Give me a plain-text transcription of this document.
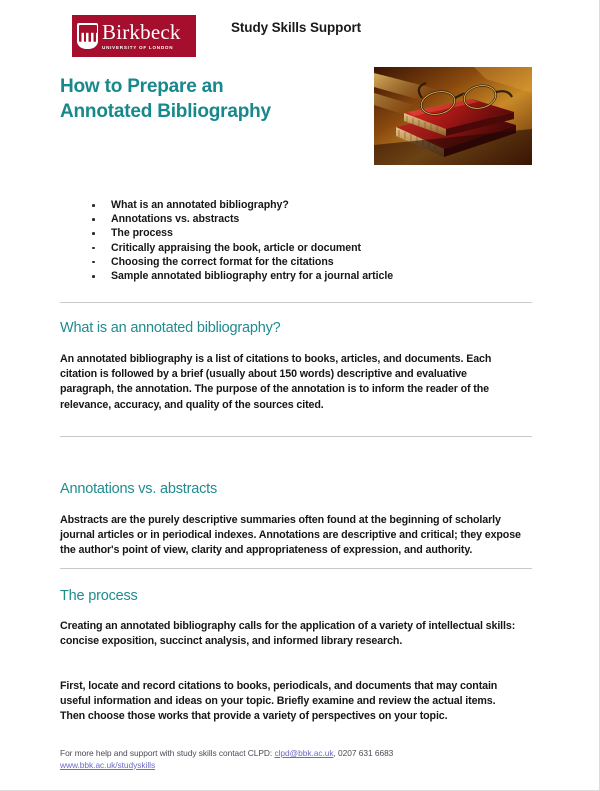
Birkbeck
UNIVERSITY OF LONDON
Study Skills Support
How to Prepare an
Annotated Bibliography
What is an annotated bibliography?
Annotations vs. abstracts
The process
Critically appraising the book, article or document
Choosing the correct format for the citations
Sample annotated bibliography entry for a journal article
What is an annotated bibliography?
An annotated bibliography is a list of citations to books, articles, and documents. Each citation is followed by a brief (usually about 150 words) descriptive and evaluative paragraph, the annotation. The purpose of the annotation is to inform the reader of the relevance, accuracy, and quality of the sources cited.
Annotations vs. abstracts
Abstracts are the purely descriptive summaries often found at the beginning of scholarly journal articles or in periodical indexes. Annotations are descriptive and critical; they expose the author's point of view, clarity and appropriateness of expression, and authority.
The process
Creating an annotated bibliography calls for the application of a variety of intellectual skills: concise exposition, succinct analysis, and informed library research.
First, locate and record citations to books, periodicals, and documents that may contain useful information and ideas on your topic. Briefly examine and review the actual items. Then choose those works that provide a variety of perspectives on your topic.
For more help and support with study skills contact CLPD: clpd@bbk.ac.uk, 0207 631 6683
www.bbk.ac.uk/studyskills
